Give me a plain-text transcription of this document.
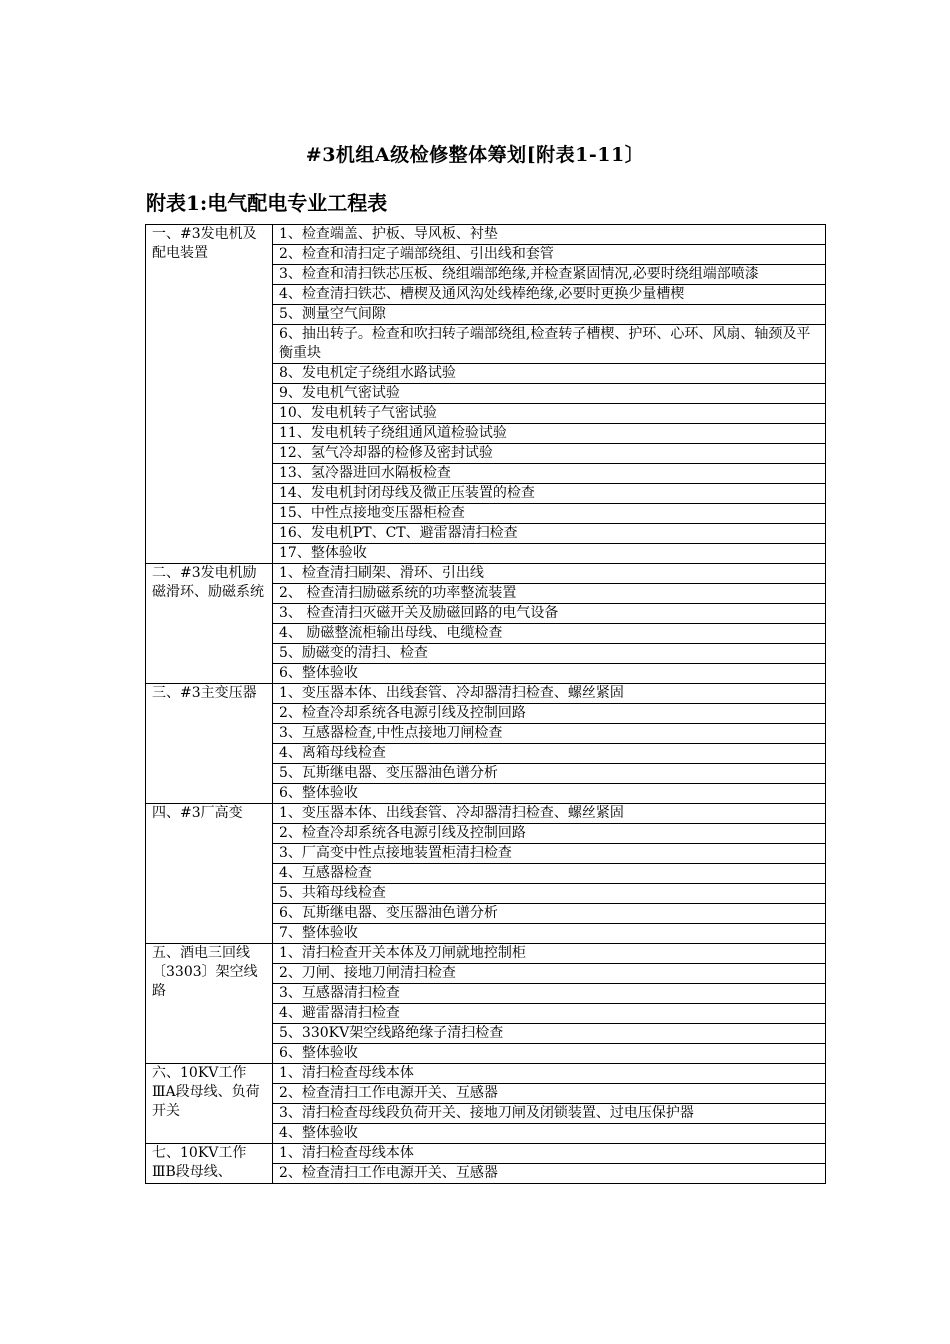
#3机组A级检修整体筹划[附表1-11〕
附表1:电气配电专业工程表
一、#3发电机及配电装置	1、检查端盖、护板、导风板、衬垫
	2、检查和清扫定子端部绕组、引出线和套管
	3、检查和清扫铁芯压板、绕组端部绝缘,并检查紧固情况,必要时绕组端部喷漆
	4、检查清扫铁芯、槽楔及通风沟处线棒绝缘,必要时更换少量槽楔
	5、测量空气间隙
	6、抽出转子。检查和吹扫转子端部绕组,检查转子槽楔、护环、心环、风扇、轴颈及平衡重块
	8、发电机定子绕组水路试验
	9、发电机气密试验
	10、发电机转子气密试验
	11、发电机转子绕组通风道检验试验
	12、氢气冷却器的检修及密封试验
	13、氢冷器进回水隔板检查
	14、发电机封闭母线及微正压装置的检查
	15、中性点接地变压器柜检查
	16、发电机PT、CT、避雷器清扫检查
	17、整体验收
二、#3发电机励磁滑环、励磁系统	1、检查清扫刷架、滑环、引出线
	2、 检查清扫励磁系统的功率整流装置
	3、 检查清扫灭磁开关及励磁回路的电气设备
	4、 励磁整流柜输出母线、电缆检查
	5、励磁变的清扫、检查
	6、整体验收
三、#3主变压器	1、变压器本体、出线套管、冷却器清扫检查、螺丝紧固
	2、检查冷却系统各电源引线及控制回路
	3、互感器检查,中性点接地刀闸检查
	4、离箱母线检查
	5、瓦斯继电器、变压器油色谱分析
	6、整体验收
四、#3厂高变	1、变压器本体、出线套管、冷却器清扫检查、螺丝紧固
	2、检查冷却系统各电源引线及控制回路
	3、厂高变中性点接地装置柜清扫检查
	4、互感器检查
	5、共箱母线检查
	6、瓦斯继电器、变压器油色谱分析
	7、整体验收
五、酒电三回线〔3303〕架空线路	1、清扫检查开关本体及刀闸就地控制柜
	2、刀闸、接地刀闸清扫检查
	3、互感器清扫检查
	4、避雷器清扫检查
	5、330KV架空线路绝缘子清扫检查
	6、整体验收
六、10KV工作ⅢA段母线、负荷开关	1、清扫检查母线本体
	2、检查清扫工作电源开关、互感器
	3、清扫检查母线段负荷开关、接地刀闸及闭锁装置、过电压保护器
	4、整体验收
七、10KV工作ⅢB段母线、	1、清扫检查母线本体
	2、检查清扫工作电源开关、互感器
